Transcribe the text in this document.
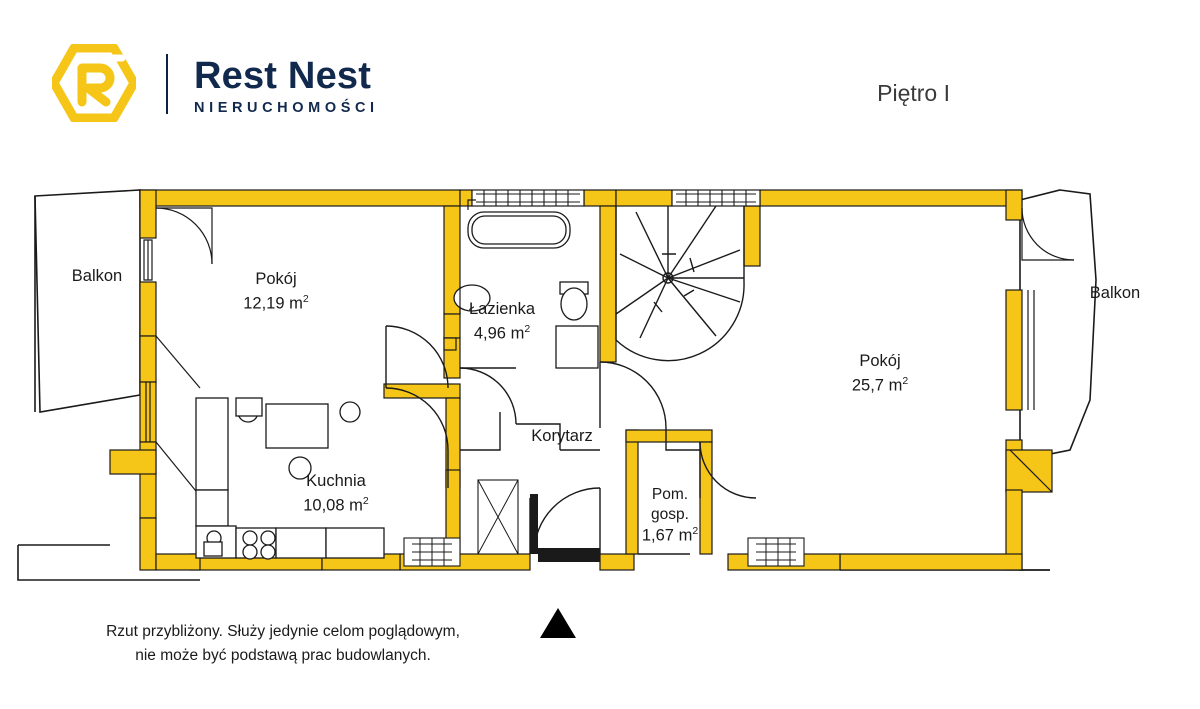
Rest Nest
NIERUCHOMOŚCI
Piętro I
Balkon	Pokój
12,19 $m^2$
Łazienka
4,96 $m^2$
Kuchnia
10,08 $m^2$
Korytarz
Pom.
gosp.
1,67 $m^2$
Pokój
25,7 $m^2$
Balkon
Rzut przybliżony. Służy jedynie celom poglądowym,
nie może być podstawą prac budowlanych.
